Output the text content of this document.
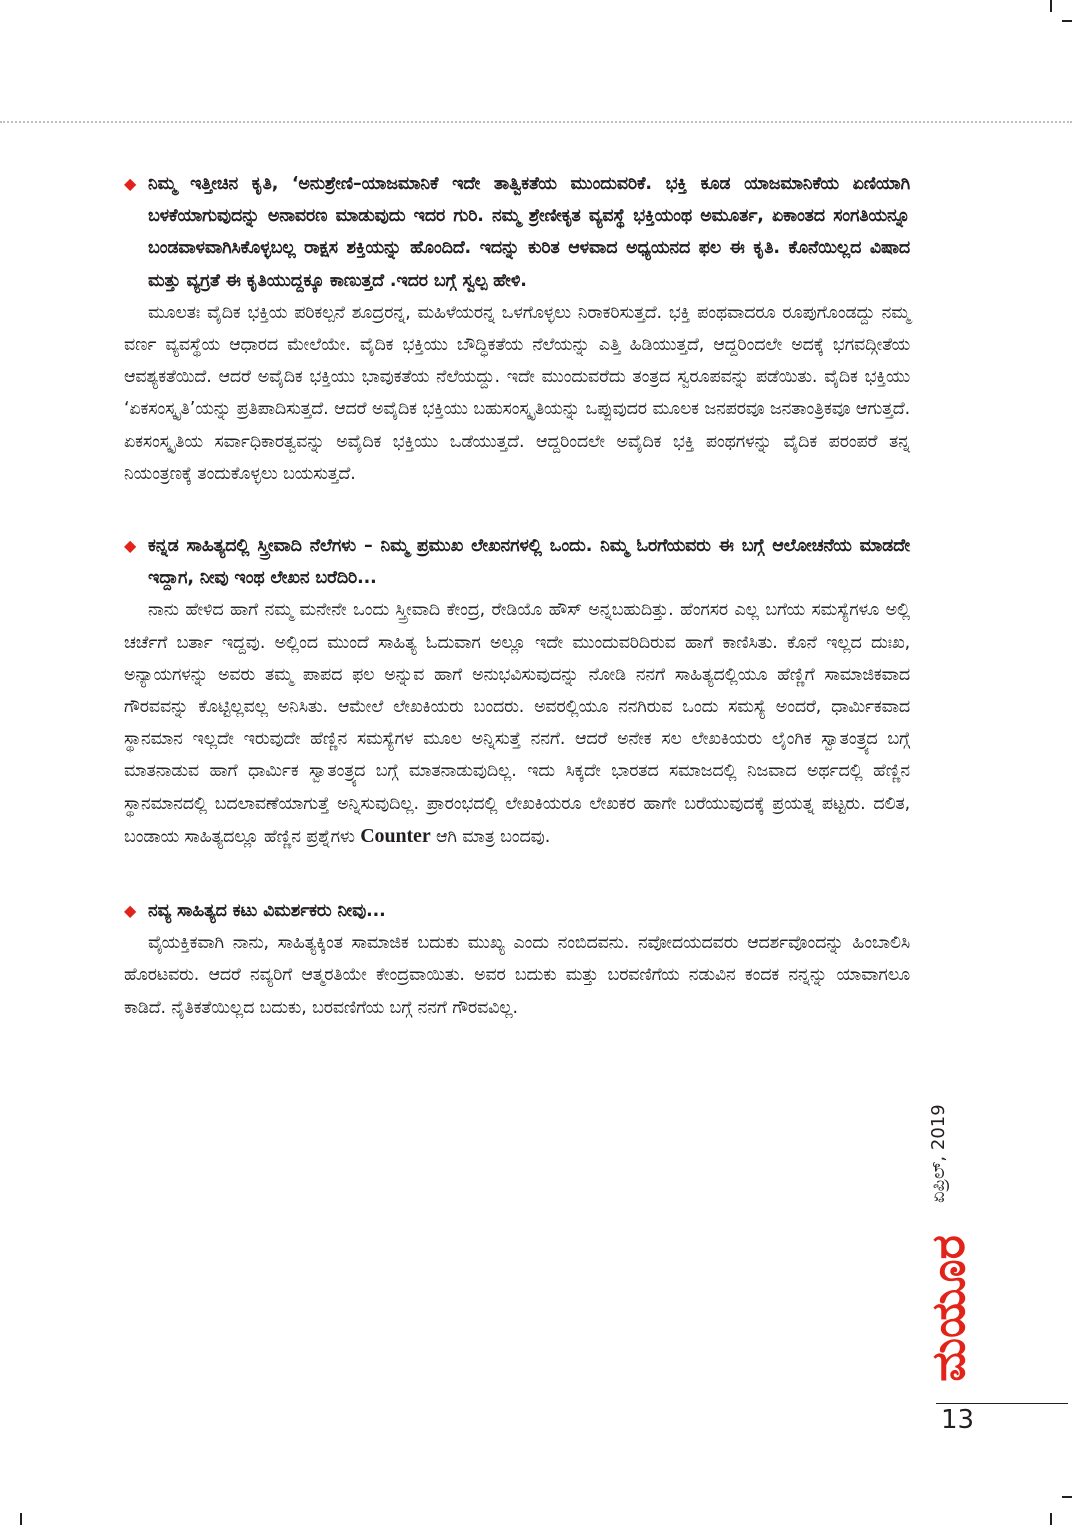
◆ ನಿಮ್ಮ ಇತ್ತೀಚಿನ ಕೃತಿ, ‘ಅನುಶ್ರೇಣಿ–ಯಾಜಮಾನಿಕೆ ಇದೇ ತಾತ್ವಿಕತೆಯ ಮುಂದುವರಿಕೆ. ಭಕ್ತಿ ಕೂಡ ಯಾಜಮಾನಿಕೆಯ ಏಣಿಯಾಗಿ ಬಳಕೆಯಾಗುವುದನ್ನು ಅನಾವರಣ ಮಾಡುವುದು ಇದರ ಗುರಿ. ನಮ್ಮ ಶ್ರೇಣೀಕೃತ ವ್ಯವಸ್ಥೆ ಭಕ್ತಿಯಂಥ ಅಮೂರ್ತ, ಏಕಾಂತದ ಸಂಗತಿಯನ್ನೂ ಬಂಡವಾಳವಾಗಿಸಿಕೊಳ್ಳಬಲ್ಲ ರಾಕ್ಷಸ ಶಕ್ತಿಯನ್ನು ಹೊಂದಿದೆ. ಇದನ್ನು ಕುರಿತ ಆಳವಾದ ಅಧ್ಯಯನದ ಫಲ ಈ ಕೃತಿ. ಕೊನೆಯಿಲ್ಲದ ವಿಷಾದ ಮತ್ತು ವ್ಯಗ್ರತೆ ಈ ಕೃತಿಯುದ್ದಕ್ಕೂ ಕಾಣುತ್ತದೆ .ಇದರ ಬಗ್ಗೆ ಸ್ವಲ್ಪ ಹೇಳಿ.

ಮೂಲತಃ ವೈದಿಕ ಭಕ್ತಿಯ ಪರಿಕಲ್ಪನೆ ಶೂದ್ರರನ್ನ, ಮಹಿಳೆಯರನ್ನ ಒಳಗೊಳ್ಳಲು ನಿರಾಕರಿಸುತ್ತದೆ. ಭಕ್ತಿ ಪಂಥವಾದರೂ ರೂಪುಗೊಂಡದ್ದು ನಮ್ಮ ವರ್ಣ ವ್ಯವಸ್ಥೆಯ ಆಧಾರದ ಮೇಲೆಯೇ. ವೈದಿಕ ಭಕ್ತಿಯು ಬೌದ್ಧಿಕತೆಯ ನೆಲೆಯನ್ನು ಎತ್ತಿ ಹಿಡಿಯುತ್ತದೆ, ಆದ್ದರಿಂದಲೇ ಅದಕ್ಕೆ ಭಗವದ್ಗೀತೆಯ ಆವಶ್ಯಕತೆಯಿದೆ. ಆದರೆ ಅವೈದಿಕ ಭಕ್ತಿಯು ಭಾವುಕತೆಯ ನೆಲೆಯದ್ದು. ಇದೇ ಮುಂದುವರೆದು ತಂತ್ರದ ಸ್ವರೂಪವನ್ನು ಪಡೆಯಿತು. ವೈದಿಕ ಭಕ್ತಿಯು ‘ಏಕಸಂಸ್ಕೃತಿ’ಯನ್ನು ಪ್ರತಿಪಾದಿಸುತ್ತದೆ. ಆದರೆ ಅವೈದಿಕ ಭಕ್ತಿಯು ಬಹುಸಂಸ್ಕೃತಿಯನ್ನು ಒಪ್ಪುವುದರ ಮೂಲಕ ಜನಪರವೂ ಜನತಾಂತ್ರಿಕವೂ ಆಗುತ್ತದೆ. ಏಕಸಂಸ್ಕೃತಿಯ ಸರ್ವಾಧಿಕಾರತ್ವವನ್ನು ಅವೈದಿಕ ಭಕ್ತಿಯು ಒಡೆಯುತ್ತದೆ. ಆದ್ದರಿಂದಲೇ ಅವೈದಿಕ ಭಕ್ತಿ ಪಂಥಗಳನ್ನು ವೈದಿಕ ಪರಂಪರೆ ತನ್ನ ನಿಯಂತ್ರಣಕ್ಕೆ ತಂದುಕೊಳ್ಳಲು ಬಯಸುತ್ತದೆ.

◆ ಕನ್ನಡ ಸಾಹಿತ್ಯದಲ್ಲಿ ಸ್ತ್ರೀವಾದಿ ನೆಲೆಗಳು – ನಿಮ್ಮ ಪ್ರಮುಖ ಲೇಖನಗಳಲ್ಲಿ ಒಂದು. ನಿಮ್ಮ ಓರಗೆಯವರು ಈ ಬಗ್ಗೆ ಆಲೋಚನೆಯ ಮಾಡದೇ ಇದ್ದಾಗ, ನೀವು ಇಂಥ ಲೇಖನ ಬರೆದಿರಿ...

ನಾನು ಹೇಳಿದ ಹಾಗೆ ನಮ್ಮ ಮನೇನೇ ಒಂದು ಸ್ತ್ರೀವಾದಿ ಕೇಂದ್ರ, ರೇಡಿಯೊ ಹೌಸ್ ಅನ್ನಬಹುದಿತ್ತು. ಹೆಂಗಸರ ಎಲ್ಲ ಬಗೆಯ ಸಮಸ್ಯೆಗಳೂ ಅಲ್ಲಿ ಚರ್ಚೆಗೆ ಬರ್ತಾ ಇದ್ದವು. ಅಲ್ಲಿಂದ ಮುಂದೆ ಸಾಹಿತ್ಯ ಓದುವಾಗ ಅಲ್ಲೂ ಇದೇ ಮುಂದುವರಿದಿರುವ ಹಾಗೆ ಕಾಣಿಸಿತು. ಕೊನೆ ಇಲ್ಲದ ದುಃಖ, ಅನ್ಯಾಯಗಳನ್ನು ಅವರು ತಮ್ಮ ಪಾಪದ ಫಲ ಅನ್ನುವ ಹಾಗೆ ಅನುಭವಿಸುವುದನ್ನು ನೋಡಿ ನನಗೆ ಸಾಹಿತ್ಯದಲ್ಲಿಯೂ ಹೆಣ್ಣಿಗೆ ಸಾಮಾಜಿಕವಾದ ಗೌರವವನ್ನು ಕೊಟ್ಟಿಲ್ಲವಲ್ಲ ಅನಿಸಿತು. ಆಮೇಲೆ ಲೇಖಕಿಯರು ಬಂದರು. ಅವರಲ್ಲಿಯೂ ನನಗಿರುವ ಒಂದು ಸಮಸ್ಯೆ ಅಂದರೆ, ಧಾರ್ಮಿಕವಾದ ಸ್ಥಾನಮಾನ ಇಲ್ಲದೇ ಇರುವುದೇ ಹೆಣ್ಣಿನ ಸಮಸ್ಯೆಗಳ ಮೂಲ ಅನ್ನಿಸುತ್ತೆ ನನಗೆ. ಆದರೆ ಅನೇಕ ಸಲ ಲೇಖಕಿಯರು ಲೈಂಗಿಕ ಸ್ವಾತಂತ್ರ್ಯದ ಬಗ್ಗೆ ಮಾತನಾಡುವ ಹಾಗೆ ಧಾರ್ಮಿಕ ಸ್ವಾತಂತ್ರ್ಯದ ಬಗ್ಗೆ ಮಾತನಾಡುವುದಿಲ್ಲ. ಇದು ಸಿಕ್ಕದೇ ಭಾರತದ ಸಮಾಜದಲ್ಲಿ ನಿಜವಾದ ಅರ್ಥದಲ್ಲಿ ಹೆಣ್ಣಿನ ಸ್ಥಾನಮಾನದಲ್ಲಿ ಬದಲಾವಣೆಯಾಗುತ್ತೆ ಅನ್ನಿಸುವುದಿಲ್ಲ. ಪ್ರಾರಂಭದಲ್ಲಿ ಲೇಖಕಿಯರೂ ಲೇಖಕರ ಹಾಗೇ ಬರೆಯುವುದಕ್ಕೆ ಪ್ರಯತ್ನ ಪಟ್ಟರು. ದಲಿತ, ಬಂಡಾಯ ಸಾಹಿತ್ಯದಲ್ಲೂ ಹೆಣ್ಣಿನ ಪ್ರಶ್ನೆಗಳು Counter ಆಗಿ ಮಾತ್ರ ಬಂದವು.

◆ ನವ್ಯ ಸಾಹಿತ್ಯದ ಕಟು ವಿಮರ್ಶಕರು ನೀವು...

ವೈಯಕ್ತಿಕವಾಗಿ ನಾನು, ಸಾಹಿತ್ಯಕ್ಕಿಂತ ಸಾಮಾಜಿಕ ಬದುಕು ಮುಖ್ಯ ಎಂದು ನಂಬಿದವನು. ನವೋದಯದವರು ಆದರ್ಶವೊಂದನ್ನು ಹಿಂಬಾಲಿಸಿ ಹೊರಟವರು. ಆದರೆ ನವ್ಯರಿಗೆ ಆತ್ಮರತಿಯೇ ಕೇಂದ್ರವಾಯಿತು. ಅವರ ಬದುಕು ಮತ್ತು ಬರವಣಿಗೆಯ ನಡುವಿನ ಕಂದಕ ನನ್ನನ್ನು ಯಾವಾಗಲೂ ಕಾಡಿದೆ. ನೈತಿಕತೆಯಿಲ್ಲದ ಬದುಕು, ಬರವಣಿಗೆಯ ಬಗ್ಗೆ ನನಗೆ ಗೌರವವಿಲ್ಲ.

ಏಪ್ರಿಲ್, 2019
ಮಯೂರ
13
